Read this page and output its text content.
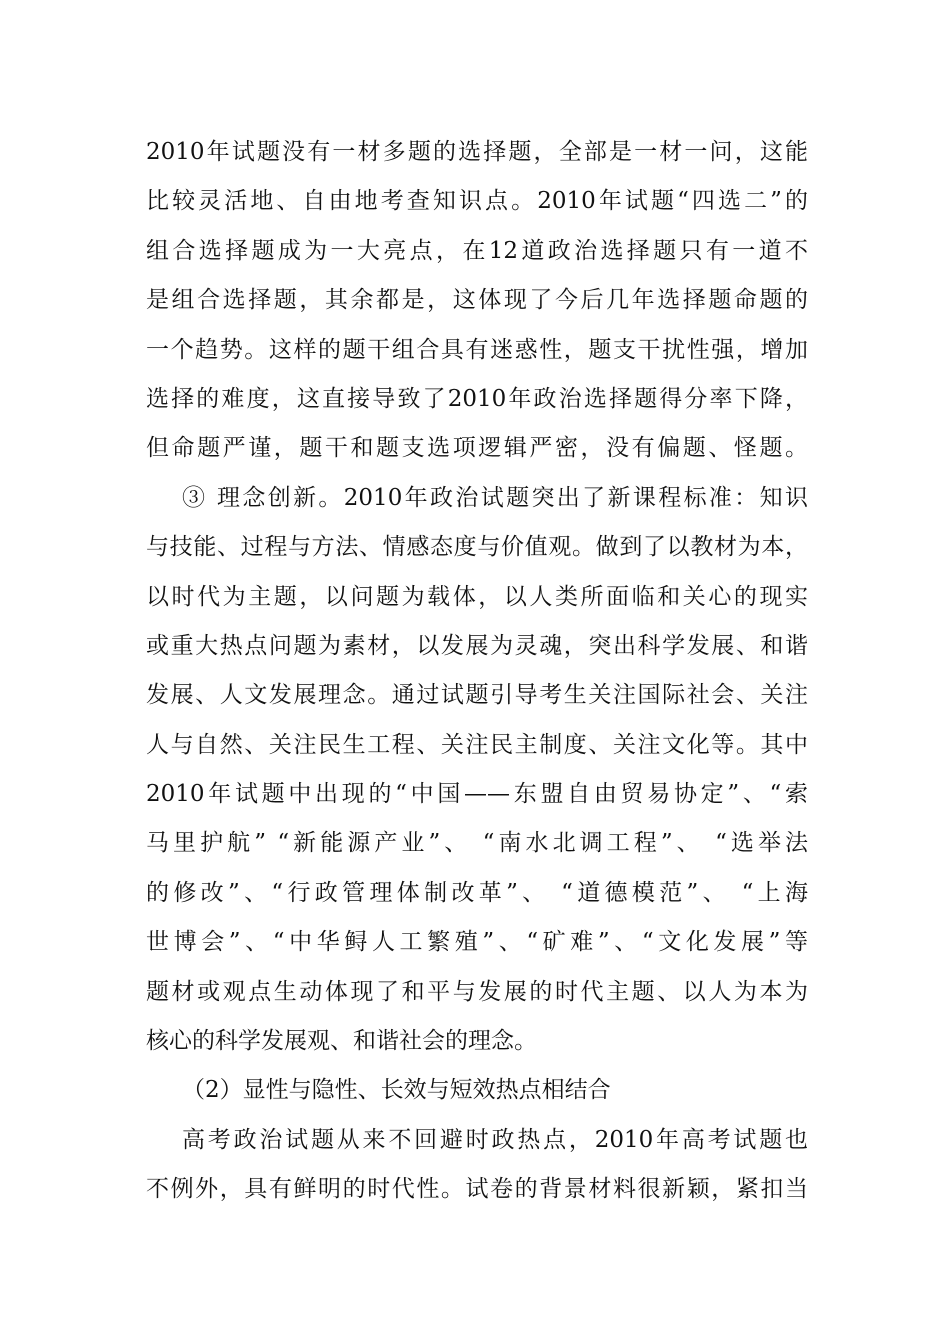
2010年试题没有一材多题的选择题，全部是一材一问，这能
比较灵活地、自由地考查知识点。2010年试题“四选二”的
组合选择题成为一大亮点，在12道政治选择题只有一道不
是组合选择题，其余都是，这体现了今后几年选择题命题的
一个趋势。这样的题干组合具有迷惑性，题支干扰性强，增加
选择的难度，这直接导致了2010年政治选择题得分率下降，
但命题严谨，题干和题支选项逻辑严密，没有偏题、怪题。
③ 理念创新。2010年政治试题突出了新课程标准：知识
与技能、过程与方法、情感态度与价值观。做到了以教材为本，
以时代为主题，以问题为载体，以人类所面临和关心的现实
或重大热点问题为素材，以发展为灵魂，突出科学发展、和谐
发展、人文发展理念。通过试题引导考生关注国际社会、关注
人与自然、关注民生工程、关注民主制度、关注文化等。其中
2010年试题中出现的“中国——东盟自由贸易协定”、“索
马里护航” “新能源产业”、 “南水北调工程”、 “选举法
的修改”、“行政管理体制改革”、 “道德模范”、 “上海
世博会”、“中华鲟人工繁殖”、“矿难”、“文化发展”等
题材或观点生动体现了和平与发展的时代主题、以人为本为
核心的科学发展观、和谐社会的理念。
（2）显性与隐性、长效与短效热点相结合
高考政治试题从来不回避时政热点，2010年高考试题也
不例外，具有鲜明的时代性。试卷的背景材料很新颖，紧扣当
